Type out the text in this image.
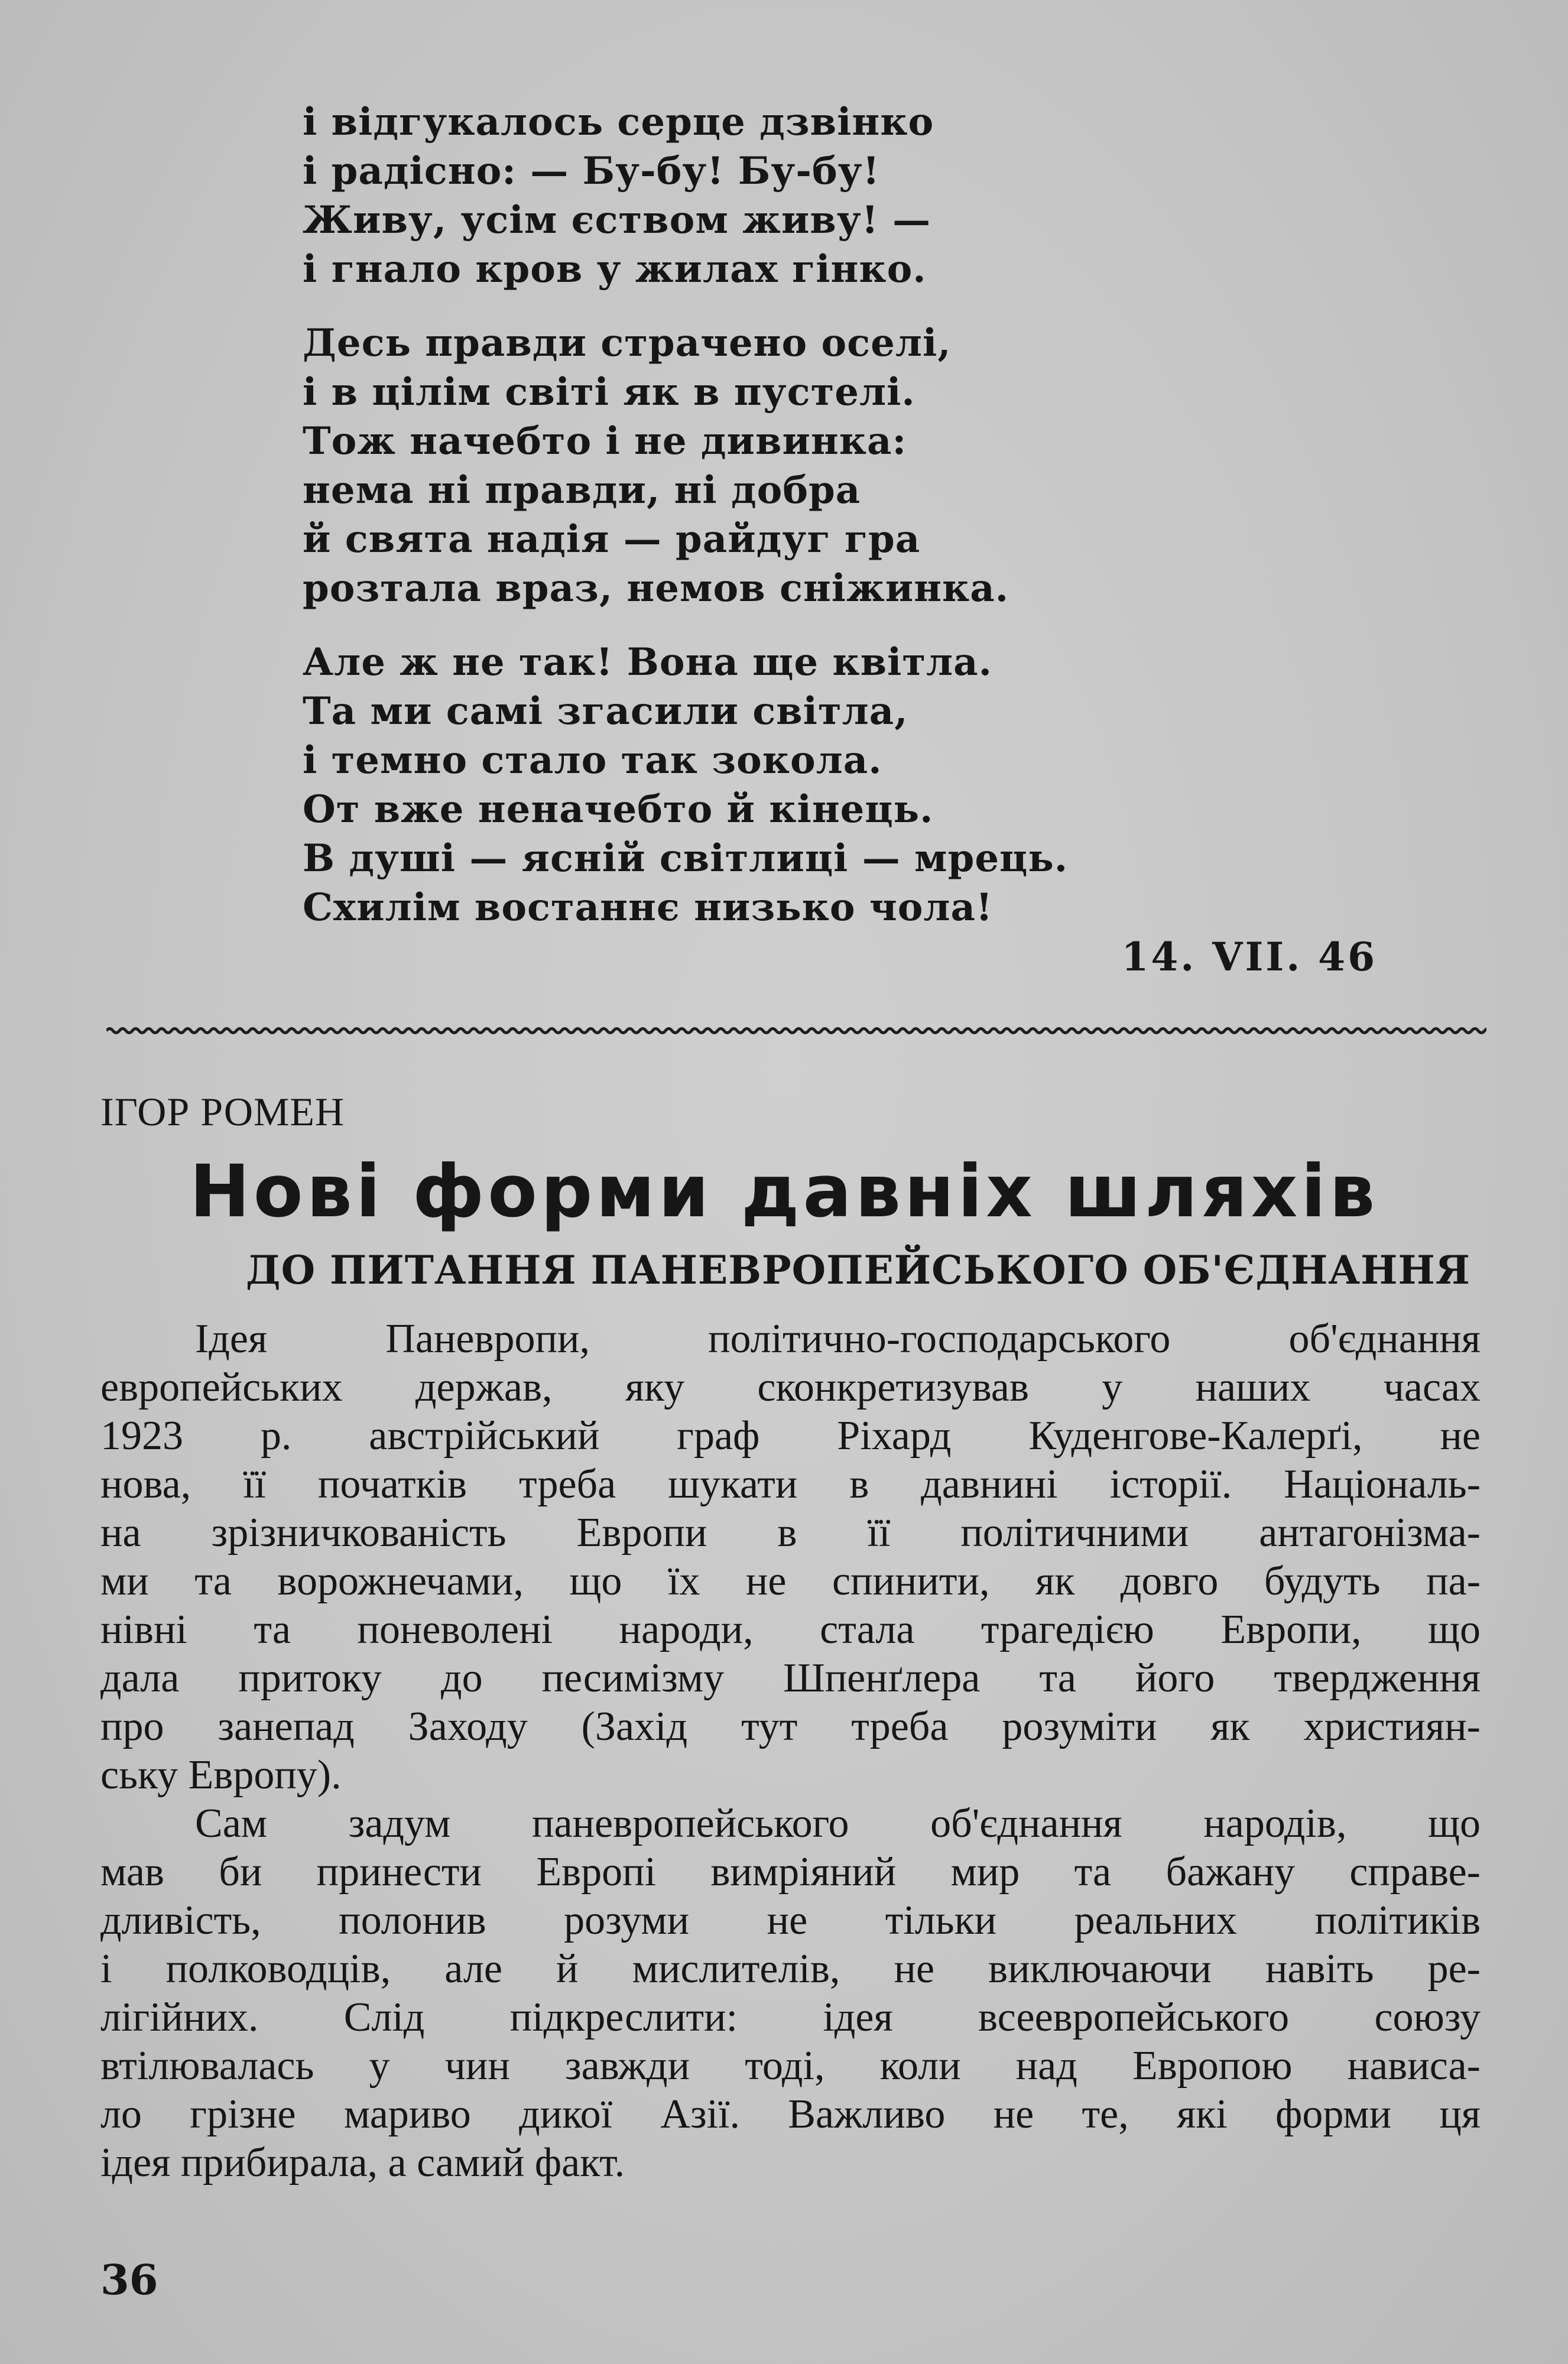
і відгукалось серце дзвінко
і радісно: — Бу-бу! Бу-бу!
Живу, усім єством живу! —
і гнало кров у жилах гінко.
Десь правди страчено оселі,
і в цілім світі як в пустелі.
Тож начебто і не дивинка:
нема ні правди, ні добра
й свята надія — райдуг гра
розтала враз, немов сніжинка.
Але ж не так! Вона ще квітла.
Та ми самі згасили світла,
і темно стало так зокола.
От вже неначебто й кінець.
В душі — ясній світлиці — мрець.
Схилім востаннє низько чола!
14. VII. 46
ІГОР РОМЕН
Нові форми давніх шляхів
ДО ПИТАННЯ ПАНЕВРОПЕЙСЬКОГО ОБ'ЄДНАННЯ
Ідея Паневропи, політично-господарського об'єднання
европейських держав, яку сконкретизував у наших часах
1923 р. австрійський граф Ріхард Куденгове-Калерґі, не
нова, її початків треба шукати в давнині історії. Національ-
на зрізничкованість Европи в її політичними антагонізма-
ми та ворожнечами, що їх не спинити, як довго будуть па-
нівні та поневолені народи, стала трагедією Европи, що
дала притоку до песимізму Шпенґлера та його твердження
про занепад Заходу (Захід тут треба розуміти як християн-
ську Европу).
Сам задум паневропейського об'єднання народів, що
мав би принести Европі вимріяний мир та бажану справе-
дливість, полонив розуми не тільки реальних політиків
і полководців, але й мислителів, не виключаючи навіть ре-
лігійних. Слід підкреслити: ідея всеевропейського союзу
втілювалась у чин завжди тоді, коли над Европою нависа-
ло грізне мариво дикої Азії. Важливо не те, які форми ця
ідея прибирала, а самий факт.
36
